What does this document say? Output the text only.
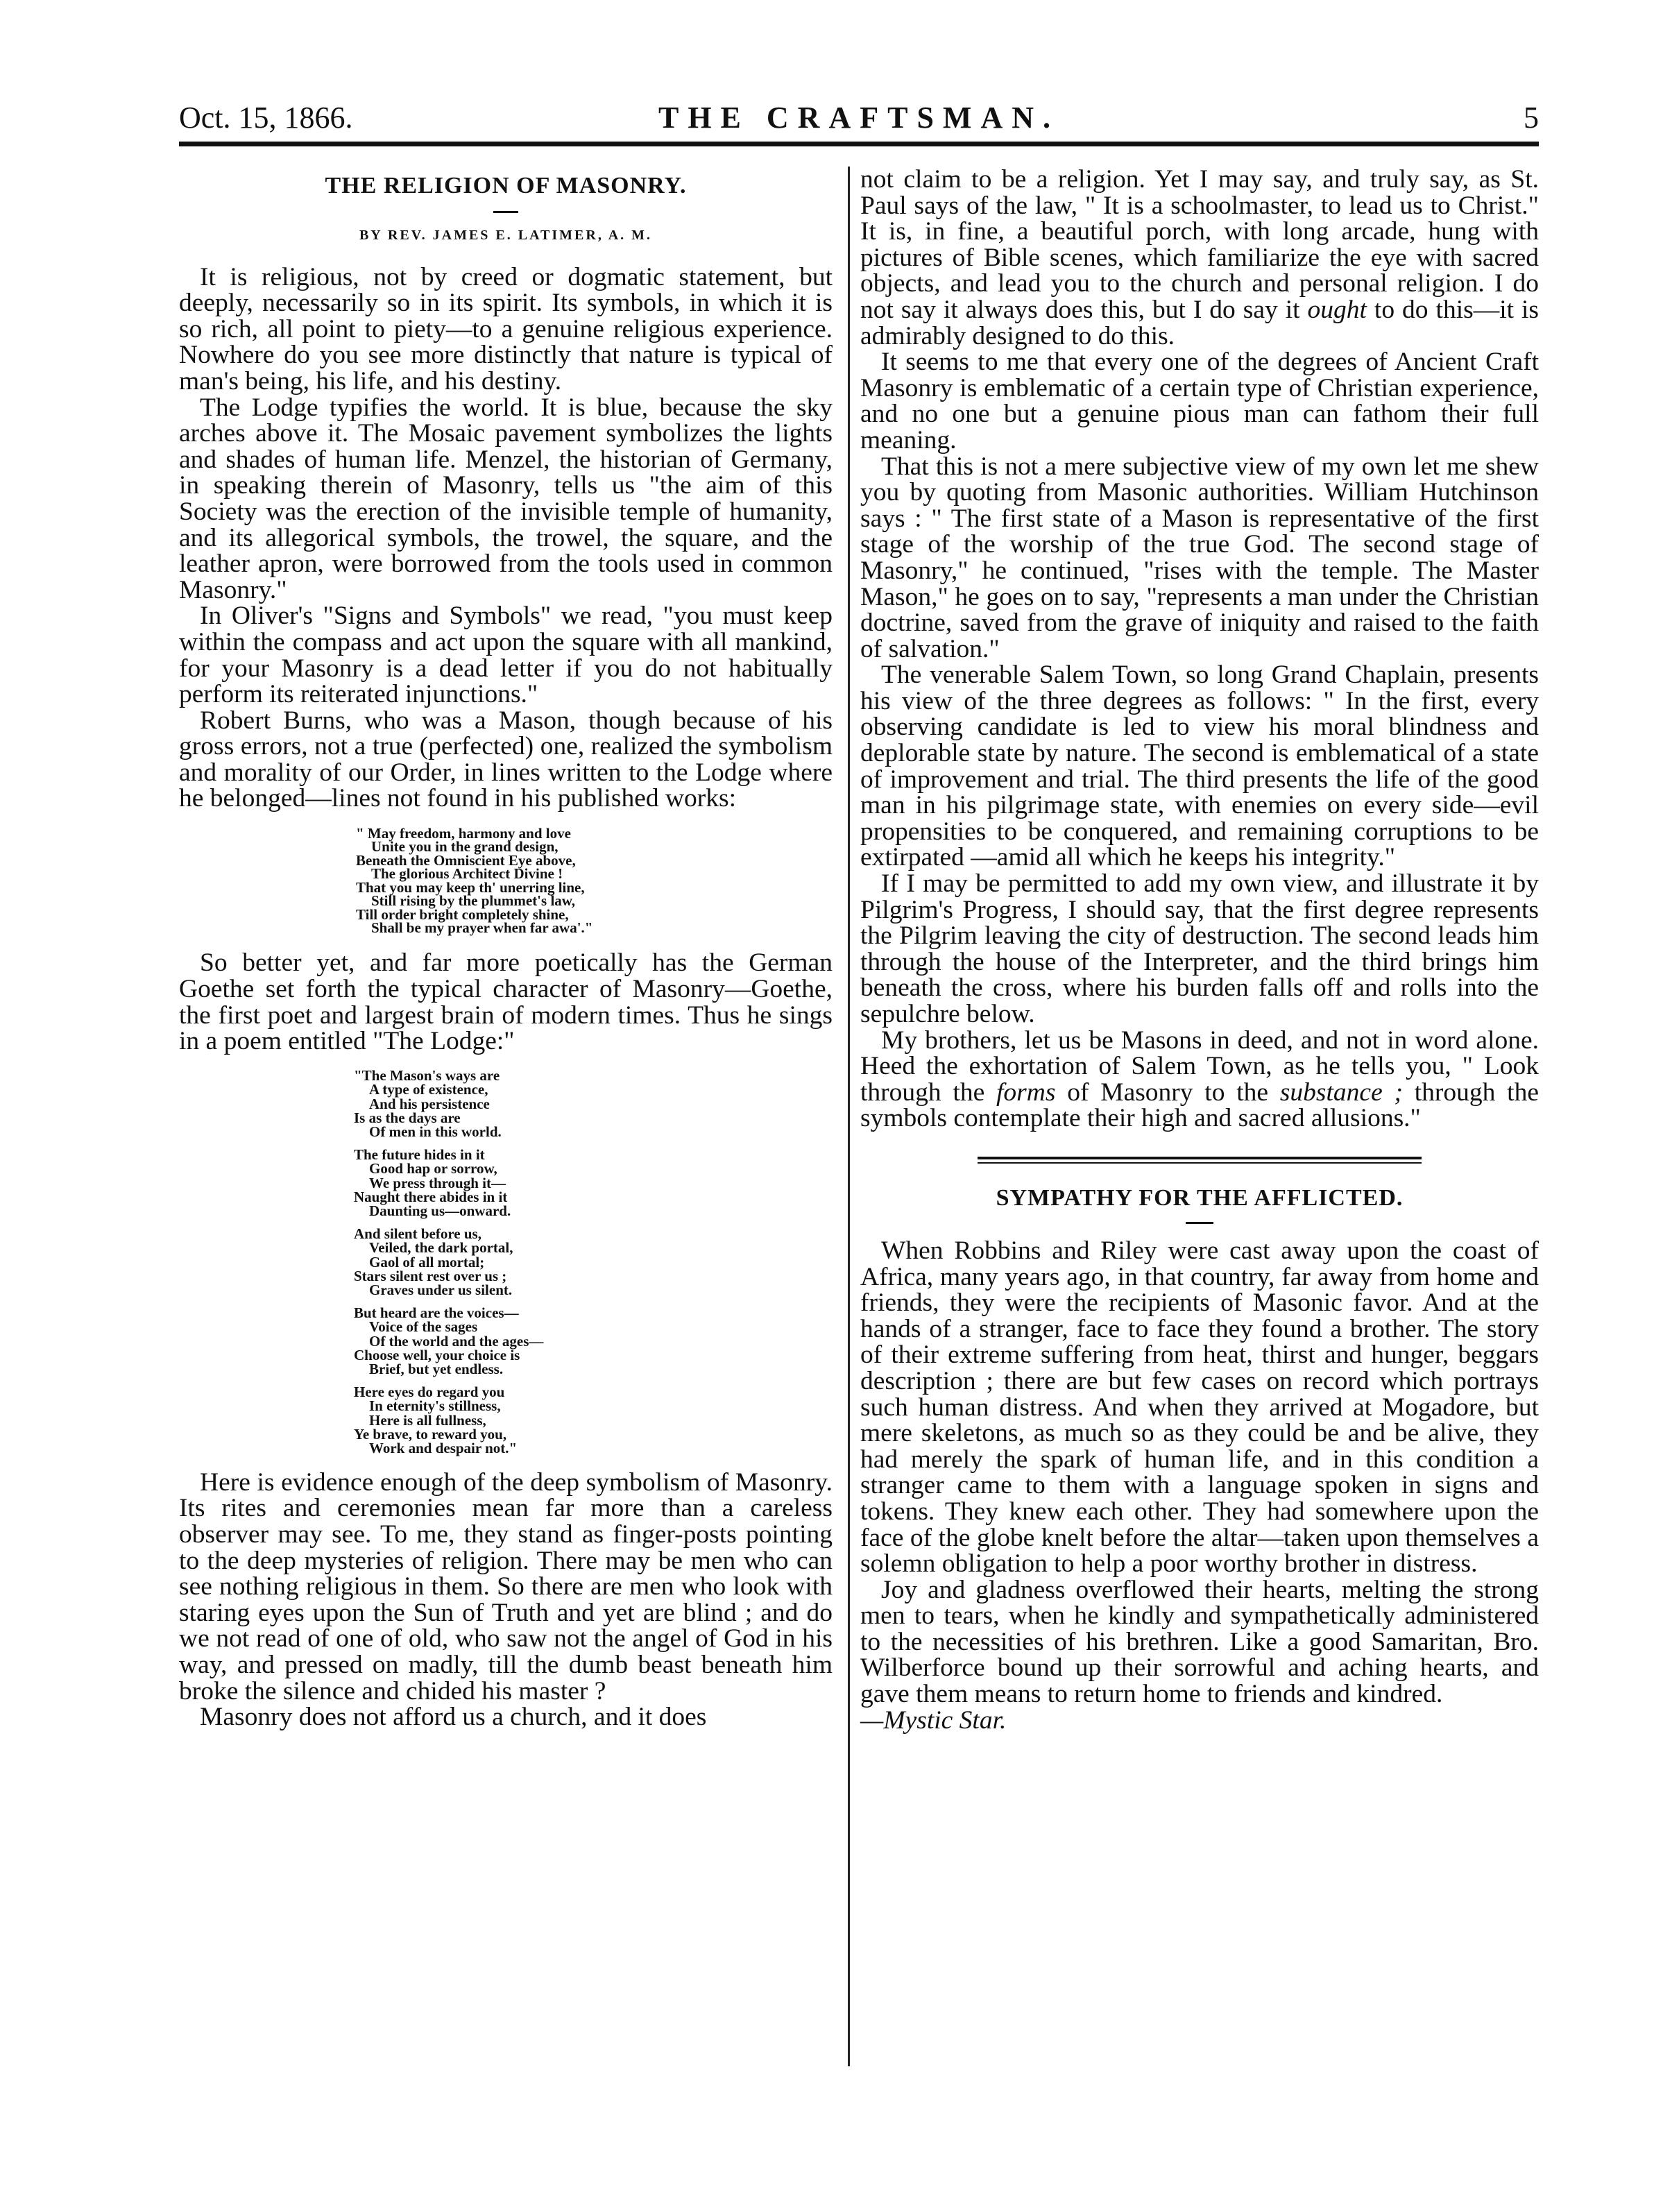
Oct. 15, 1866.	THE CRAFTSMAN.	5
THE RELIGION OF MASONRY.
BY REV. JAMES E. LATIMER, A. M.

It is religious, not by creed or dogmatic statement, but deeply, necessarily so in its spirit. Its symbols, in which it is so rich, all point to piety—to a genuine religious experience. Nowhere do you see more distinctly that nature is typical of man's being, his life, and his destiny.

The Lodge typifies the world. It is blue, because the sky arches above it. The Mosaic pavement symbolizes the lights and shades of human life. Menzel, the historian of Germany, in speaking therein of Masonry, tells us "the aim of this Society was the erection of the invisible temple of humanity, and its allegorical symbols, the trowel, the square, and the leather apron, were borrowed from the tools used in common Masonry."

In Oliver's "Signs and Symbols" we read, "you must keep within the compass and act upon the square with all mankind, for your Masonry is a dead letter if you do not habitually perform its reiterated injunctions."

Robert Burns, who was a Mason, though because of his gross errors, not a true (perfected) one, realized the symbolism and morality of our Order, in lines written to the Lodge where he belonged—lines not found in his published works:

" May freedom, harmony and love
Unite you in the grand design,
Beneath the Omniscient Eye above,
The glorious Architect Divine !
That you may keep th' unerring line,
Still rising by the plummet's law,
Till order bright completely shine,
Shall be my prayer when far awa'."

So better yet, and far more poetically has the German Goethe set forth the typical character of Masonry—Goethe, the first poet and largest brain of modern times. Thus he sings in a poem entitled "The Lodge:"

"The Mason's ways are
A type of existence,
And his persistence
Is as the days are
Of men in this world.
The future hides in it
Good hap or sorrow,
We press through it—
Naught there abides in it
Daunting us—onward.
And silent before us,
Veiled, the dark portal,
Gaol of all mortal;
Stars silent rest over us ;
Graves under us silent.
But heard are the voices—
Voice of the sages
Of the world and the ages—
Choose well, your choice is
Brief, but yet endless.
Here eyes do regard you
In eternity's stillness,
Here is all fullness,
Ye brave, to reward you,
Work and despair not."

Here is evidence enough of the deep symbolism of Masonry. Its rites and ceremonies mean far more than a careless observer may see. To me, they stand as finger-posts pointing to the deep mysteries of religion. There may be men who can see nothing religious in them. So there are men who look with staring eyes upon the Sun of Truth and yet are blind ; and do we not read of one of old, who saw not the angel of God in his way, and pressed on madly, till the dumb beast beneath him broke the silence and chided his master ?

Masonry does not afford us a church, and it does

not claim to be a religion. Yet I may say, and truly say, as St. Paul says of the law, " It is a schoolmaster, to lead us to Christ." It is, in fine, a beautiful porch, with long arcade, hung with pictures of Bible scenes, which familiarize the eye with sacred objects, and lead you to the church and personal religion. I do not say it always does this, but I do say it ought to do this—it is admirably designed to do this.

It seems to me that every one of the degrees of Ancient Craft Masonry is emblematic of a certain type of Christian experience, and no one but a genuine pious man can fathom their full meaning.

That this is not a mere subjective view of my own let me shew you by quoting from Masonic authorities. William Hutchinson says : " The first state of a Mason is representative of the first stage of the worship of the true God. The second stage of Masonry," he continued, "rises with the temple. The Master Mason," he goes on to say, "represents a man under the Christian doctrine, saved from the grave of iniquity and raised to the faith of salvation."

The venerable Salem Town, so long Grand Chaplain, presents his view of the three degrees as follows: " In the first, every observing candidate is led to view his moral blindness and deplorable state by nature. The second is emblematical of a state of improvement and trial. The third presents the life of the good man in his pilgrimage state, with enemies on every side—evil propensities to be conquered, and remaining corruptions to be extirpated —amid all which he keeps his integrity."

If I may be permitted to add my own view, and illustrate it by Pilgrim's Progress, I should say, that the first degree represents the Pilgrim leaving the city of destruction. The second leads him through the house of the Interpreter, and the third brings him beneath the cross, where his burden falls off and rolls into the sepulchre below.

My brothers, let us be Masons in deed, and not in word alone. Heed the exhortation of Salem Town, as he tells you, " Look through the forms of Masonry to the substance ; through the symbols contemplate their high and sacred allusions."

SYMPATHY FOR THE AFFLICTED.

When Robbins and Riley were cast away upon the coast of Africa, many years ago, in that country, far away from home and friends, they were the recipients of Masonic favor. And at the hands of a stranger, face to face they found a brother. The story of their extreme suffering from heat, thirst and hunger, beggars description ; there are but few cases on record which portrays such human distress. And when they arrived at Mogadore, but mere skeletons, as much so as they could be and be alive, they had merely the spark of human life, and in this condition a stranger came to them with a language spoken in signs and tokens. They knew each other. They had somewhere upon the face of the globe knelt before the altar—taken upon themselves a solemn obligation to help a poor worthy brother in distress.

Joy and gladness overflowed their hearts, melting the strong men to tears, when he kindly and sympathetically administered to the necessities of his brethren. Like a good Samaritan, Bro. Wilberforce bound up their sorrowful and aching hearts, and gave them means to return home to friends and kindred.

—Mystic Star.
